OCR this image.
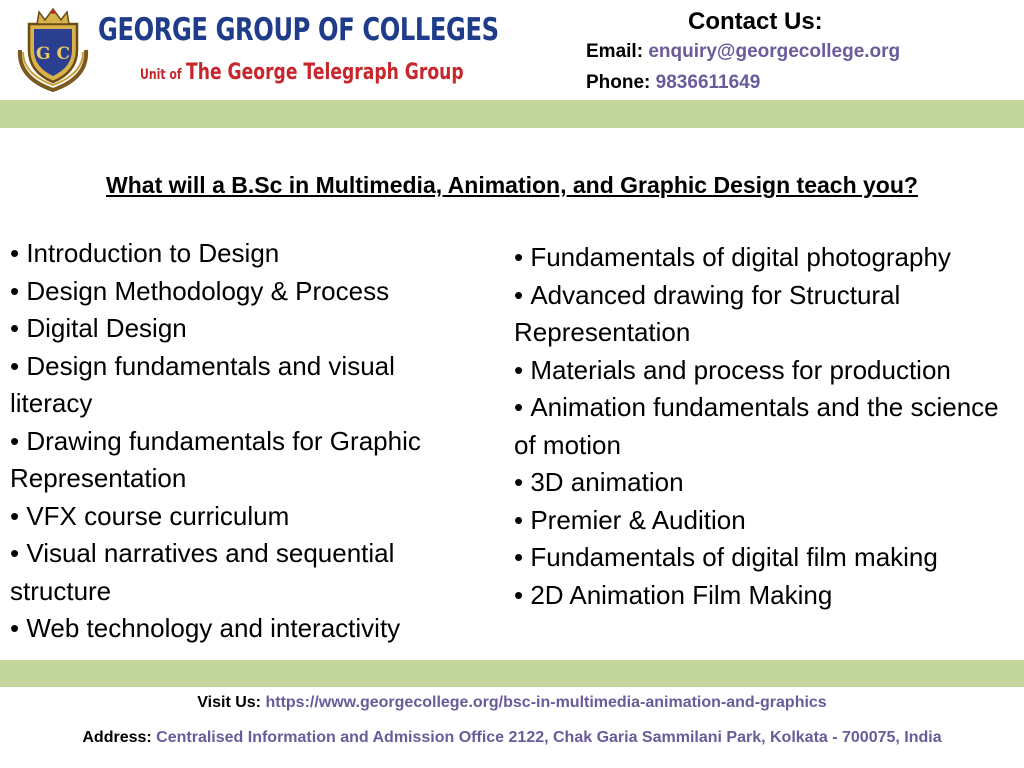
G C
GEORGE GROUP OF COLLEGES
Unit of The George Telegraph Group
Contact Us:
Email: enquiry@georgecollege.org
Phone: 9836611649
What will a B.Sc in Multimedia, Animation, and Graphic Design teach you?
• Introduction to Design
• Design Methodology & Process
• Digital Design
• Design fundamentals and visual literacy
• Drawing fundamentals for Graphic Representation
• VFX course curriculum
• Visual narratives and sequential structure
• Web technology and interactivity
• Fundamentals of digital photography
• Advanced drawing for Structural Representation
• Materials and process for production
• Animation fundamentals and the science of motion
• 3D animation
• Premier & Audition
• Fundamentals of digital film making
• 2D Animation Film Making
Visit Us: https://www.georgecollege.org/bsc-in-multimedia-animation-and-graphics
Address: Centralised Information and Admission Office 2122, Chak Garia Sammilani Park, Kolkata - 700075, India
